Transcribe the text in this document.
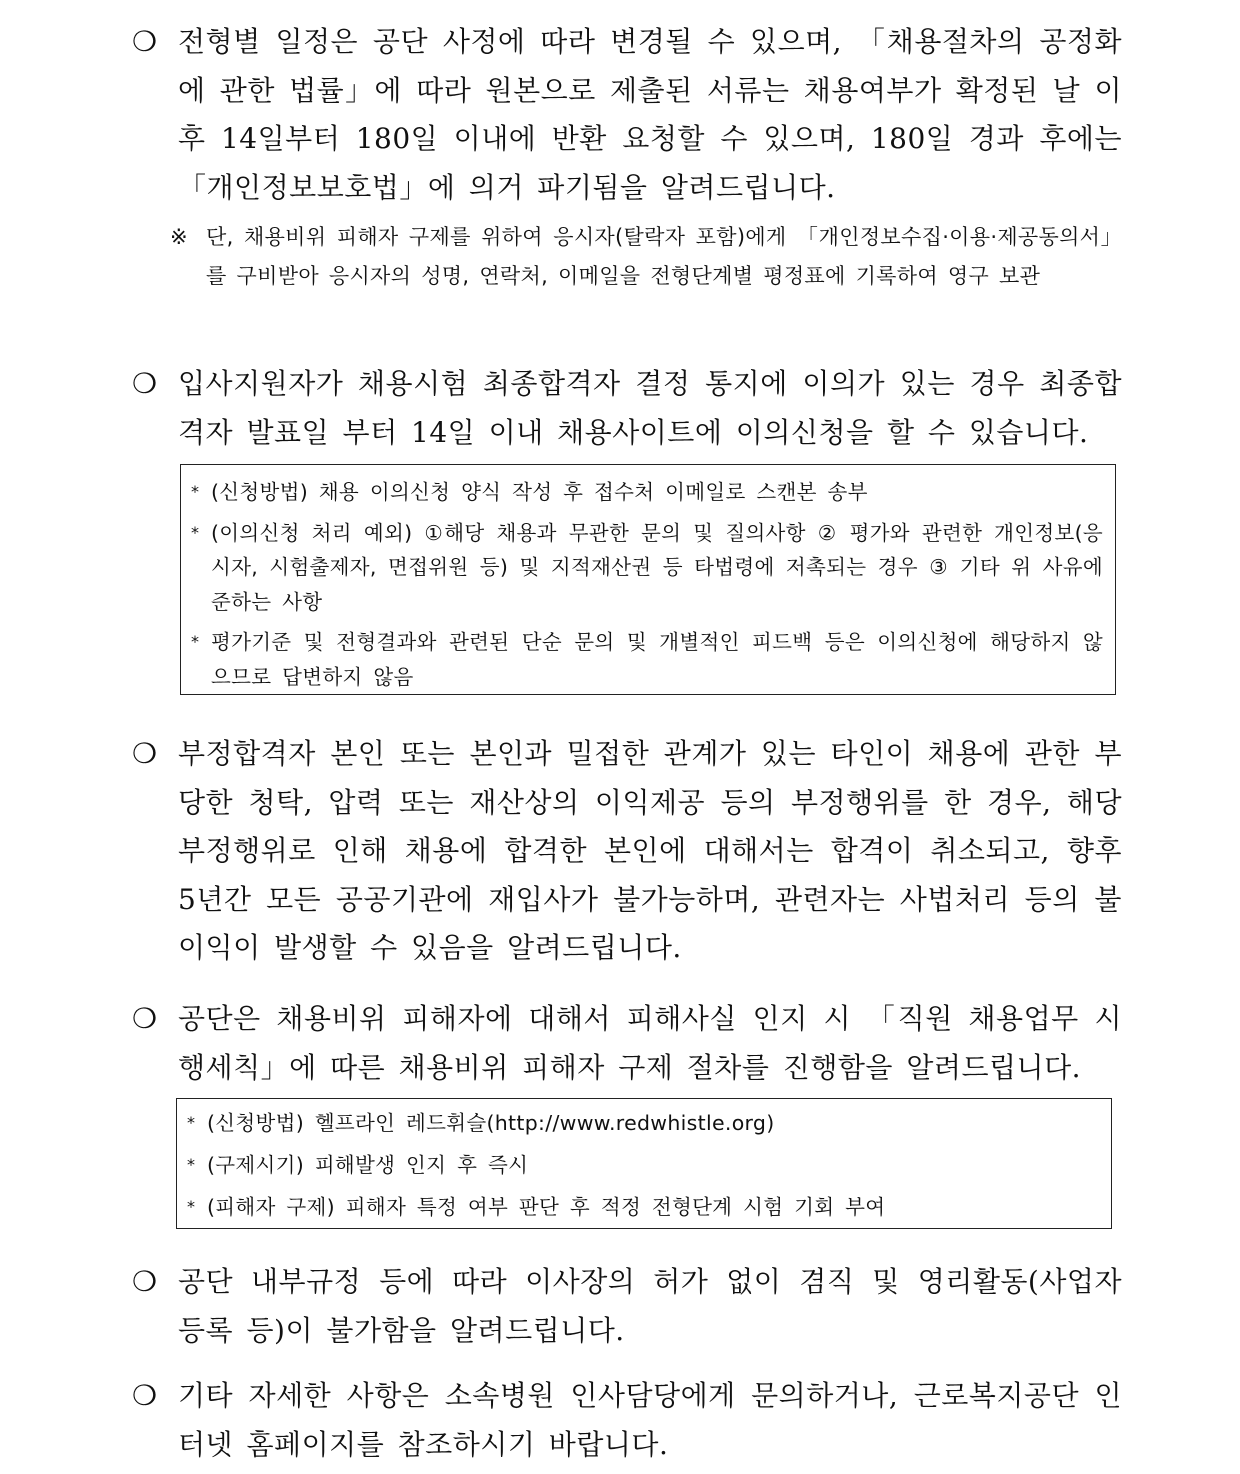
❍ 전형별 일정은 공단 사정에 따라 변경될 수 있으며, 「채용절차의 공정화에 관한 법률」에 따라 원본으로 제출된 서류는 채용여부가 확정된 날 이후 14일부터 180일 이내에 반환 요청할 수 있으며, 180일 경과 후에는 「개인정보보호법」에 의거 파기됨을 알려드립니다.
※ 단, 채용비위 피해자 구제를 위하여 응시자(탈락자 포함)에게 「개인정보수집·이용·제공동의서」를 구비받아 응시자의 성명, 연락처, 이메일을 전형단계별 평정표에 기록하여 영구 보관
❍ 입사지원자가 채용시험 최종합격자 결정 통지에 이의가 있는 경우 최종합격자 발표일 부터 14일 이내 채용사이트에 이의신청을 할 수 있습니다.
* (신청방법) 채용 이의신청 양식 작성 후 접수처 이메일로 스캔본 송부
* (이의신청 처리 예외) ①해당 채용과 무관한 문의 및 질의사항 ② 평가와 관련한 개인정보(응시자, 시험출제자, 면접위원 등) 및 지적재산권 등 타법령에 저촉되는 경우 ③ 기타 위 사유에 준하는 사항
* 평가기준 및 전형결과와 관련된 단순 문의 및 개별적인 피드백 등은 이의신청에 해당하지 않으므로 답변하지 않음
❍ 부정합격자 본인 또는 본인과 밀접한 관계가 있는 타인이 채용에 관한 부당한 청탁, 압력 또는 재산상의 이익제공 등의 부정행위를 한 경우, 해당 부정행위로 인해 채용에 합격한 본인에 대해서는 합격이 취소되고, 향후 5년간 모든 공공기관에 재입사가 불가능하며, 관련자는 사법처리 등의 불이익이 발생할 수 있음을 알려드립니다.
❍ 공단은 채용비위 피해자에 대해서 피해사실 인지 시 「직원 채용업무 시행세칙」에 따른 채용비위 피해자 구제 절차를 진행함을 알려드립니다.
* (신청방법) 헬프라인 레드휘슬(http://www.redwhistle.org)
* (구제시기) 피해발생 인지 후 즉시
* (피해자 구제) 피해자 특정 여부 판단 후 적정 전형단계 시험 기회 부여
❍ 공단 내부규정 등에 따라 이사장의 허가 없이 겸직 및 영리활동(사업자 등록 등)이 불가함을 알려드립니다.
❍ 기타 자세한 사항은 소속병원 인사담당에게 문의하거나, 근로복지공단 인터넷 홈페이지를 참조하시기 바랍니다.
